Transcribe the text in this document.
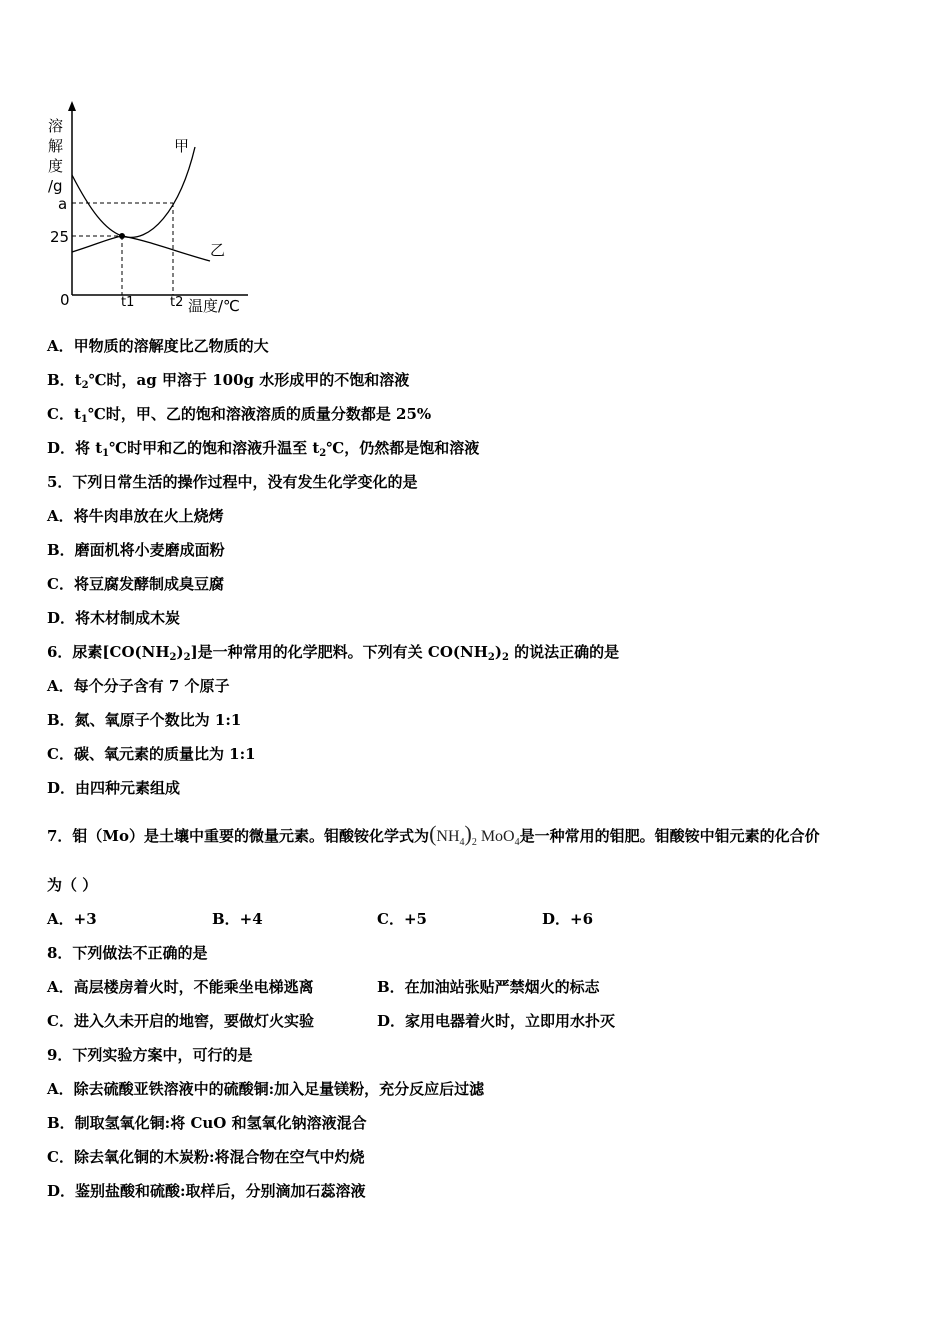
溶
解
度
/g
a
25
0	t1	t2 温度/℃
甲
乙
A．甲物质的溶解度比乙物质的大
B．$t_2℃$时，ag 甲溶于 100g 水形成甲的不饱和溶液
C．$t_1℃$时，甲、乙的饱和溶液溶质的质量分数都是 25%
D．将 $t_1℃$时甲和乙的饱和溶液升温至 $t_2℃$，仍然都是饱和溶液
5．下列日常生活的操作过程中，没有发生化学变化的是
A．将牛肉串放在火上烧烤
B．磨面机将小麦磨成面粉
C．将豆腐发酵制成臭豆腐
D．将木材制成木炭
6．尿素$[CO(NH_2)_2]$是一种常用的化学肥料。下列有关 $CO(NH_2)_2$ 的说法正确的是
A．每个分子含有 7 个原子
B．氮、氧原子个数比为 1:1
C．碳、氧元素的质量比为 1:1
D．由四种元素组成
7．钼（Mo）是土壤中重要的微量元素。钼酸铵化学式为$(NH_4)_2$ MoO$_4$是一种常用的钼肥。钼酸铵中钼元素的化合价
为（ ）
A．+3	B．+4	C．+5	D．+6
8．下列做法不正确的是
A．高层楼房着火时，不能乘坐电梯逃离	B．在加油站张贴严禁烟火的标志
C．进入久未开启的地窖，要做灯火实验	D．家用电器着火时，立即用水扑灭
9．下列实验方案中，可行的是
A．除去硫酸亚铁溶液中的硫酸铜:加入足量镁粉，充分反应后过滤
B．制取氢氧化铜:将 CuO 和氢氧化钠溶液混合
C．除去氧化铜的木炭粉:将混合物在空气中灼烧
D．鉴别盐酸和硫酸:取样后，分别滴加石蕊溶液
